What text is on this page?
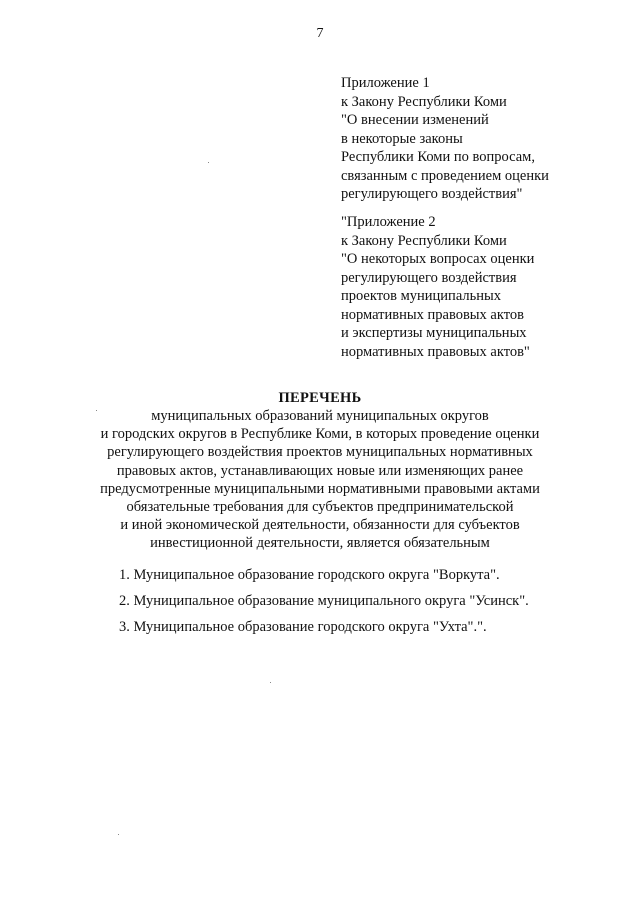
7
Приложение 1
к Закону Республики Коми
"О внесении изменений
в некоторые законы
Республики Коми по вопросам,
связанным с проведением оценки
регулирующего воздействия"
"Приложение 2
к Закону Республики Коми
"О некоторых вопросах оценки
регулирующего воздействия
проектов муниципальных
нормативных правовых актов
и экспертизы муниципальных
нормативных правовых актов"
ПЕРЕЧЕНЬ
муниципальных образований муниципальных округов
и городских округов в Республике Коми, в которых проведение оценки
регулирующего воздействия проектов муниципальных нормативных
правовых актов, устанавливающих новые или изменяющих ранее
предусмотренные муниципальными нормативными правовыми актами
обязательные требования для субъектов предпринимательской
и иной экономической деятельности, обязанности для субъектов
инвестиционной деятельности, является обязательным
1. Муниципальное образование городского округа "Воркута".
2. Муниципальное образование муниципального округа "Усинск".
3. Муниципальное образование городского округа "Ухта".".
